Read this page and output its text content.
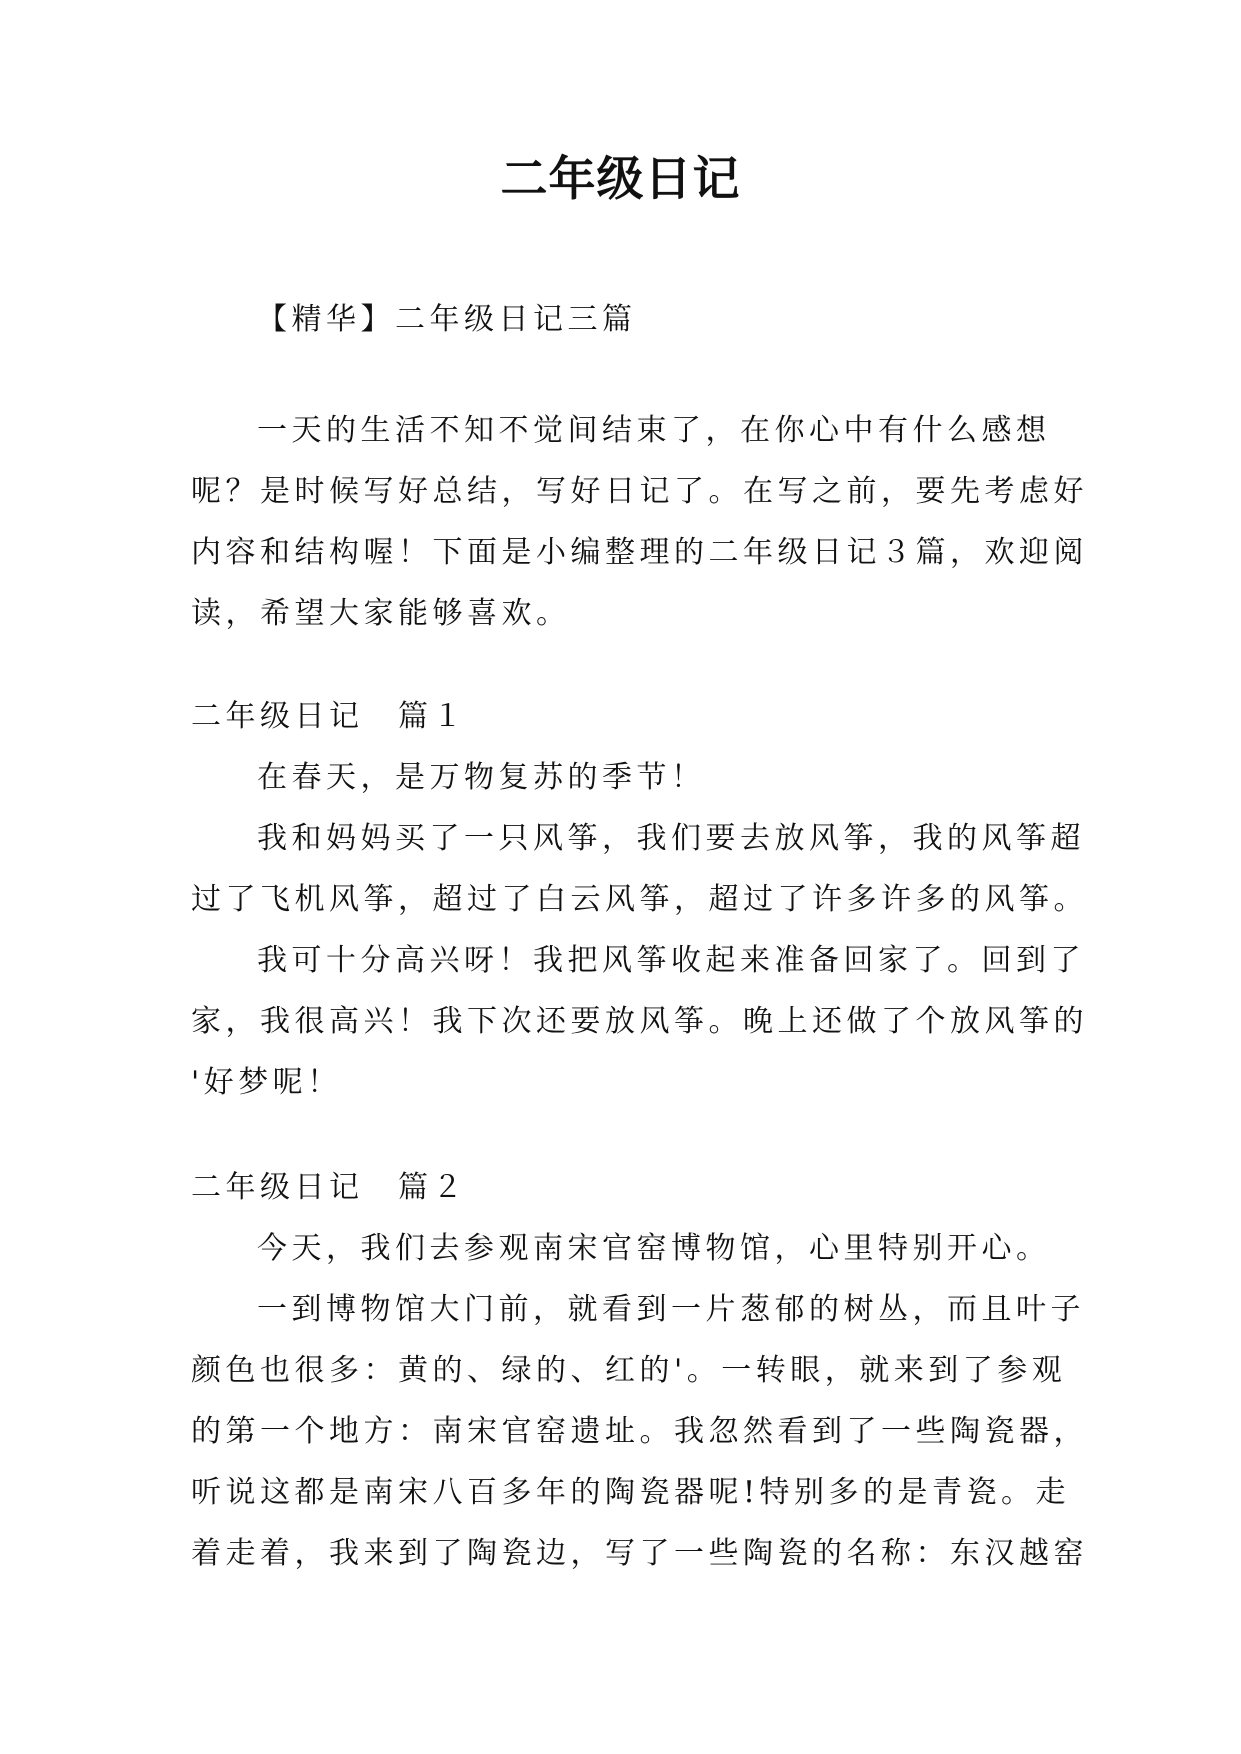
二年级日记
【精华】二年级日记三篇
一天的生活不知不觉间结束了，在你心中有什么感想
呢？是时候写好总结，写好日记了。在写之前，要先考虑好
内容和结构喔！下面是小编整理的二年级日记３篇，欢迎阅
读，希望大家能够喜欢。
二年级日记　篇１
在春天，是万物复苏的季节！
我和妈妈买了一只风筝，我们要去放风筝，我的风筝超
过了飞机风筝，超过了白云风筝，超过了许多许多的风筝。
我可十分高兴呀！我把风筝收起来准备回家了。回到了
家，我很高兴！我下次还要放风筝。晚上还做了个放风筝的
'好梦呢！
二年级日记　篇２
今天，我们去参观南宋官窑博物馆，心里特别开心。
一到博物馆大门前，就看到一片葱郁的树丛，而且叶子
颜色也很多：黄的、绿的、红的'。一转眼，就来到了参观
的第一个地方：南宋官窑遗址。我忽然看到了一些陶瓷器，
听说这都是南宋八百多年的陶瓷器呢!特别多的是青瓷。走
着走着，我来到了陶瓷边，写了一些陶瓷的名称：东汉越窑
